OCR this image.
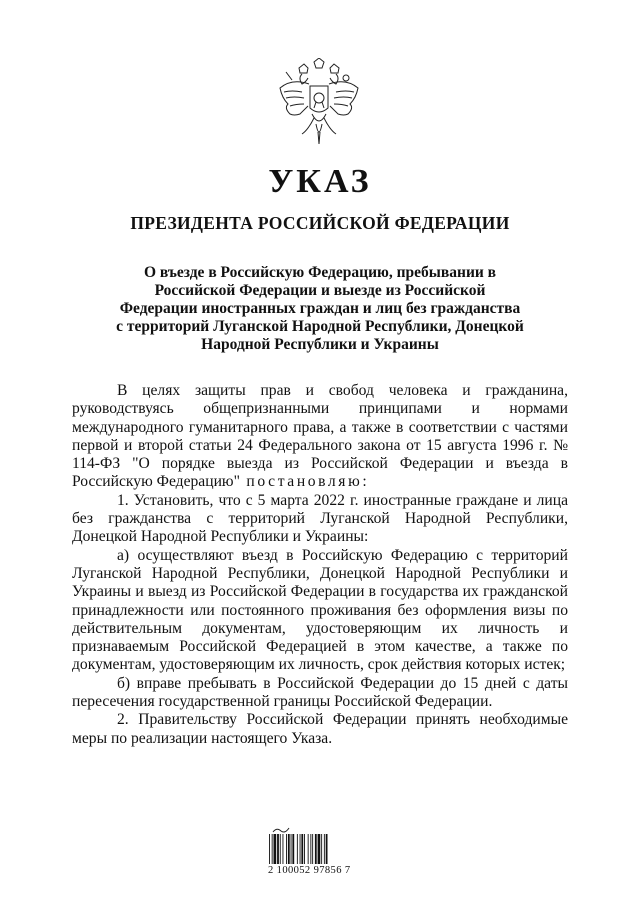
УКАЗ
ПРЕЗИДЕНТА РОССИЙСКОЙ ФЕДЕРАЦИИ
О въезде в Российскую Федерацию, пребывании в
Российской Федерации и выезде из Российской
Федерации иностранных граждан и лиц без гражданства
с территорий Луганской Народной Республики, Донецкой
Народной Республики и Украины

В целях защиты прав и свобод человека и гражданина, руководствуясь общепризнанными принципами и нормами международного гуманитарного права, а также в соответствии с частями первой и второй статьи 24 Федерального закона от 15 августа 1996 г. № 114-ФЗ "О порядке выезда из Российской Федерации и въезда в Российскую Федерацию" постановляю:

1. Установить, что с 5 марта 2022 г. иностранные граждане и лица без гражданства с территорий Луганской Народной Республики, Донецкой Народной Республики и Украины:

а) осуществляют въезд в Российскую Федерацию с территорий Луганской Народной Республики, Донецкой Народной Республики и Украины и выезд из Российской Федерации в государства их гражданской принадлежности или постоянного проживания без оформления визы по действительным документам, удостоверяющим их личность и признаваемым Российской Федерацией в этом качестве, а также по документам, удостоверяющим их личность, срок действия которых истек;

б) вправе пребывать в Российской Федерации до 15 дней с даты пересечения государственной границы Российской Федерации.

2. Правительству Российской Федерации принять необходимые меры по реализации настоящего Указа.

2 100052 97856 7
